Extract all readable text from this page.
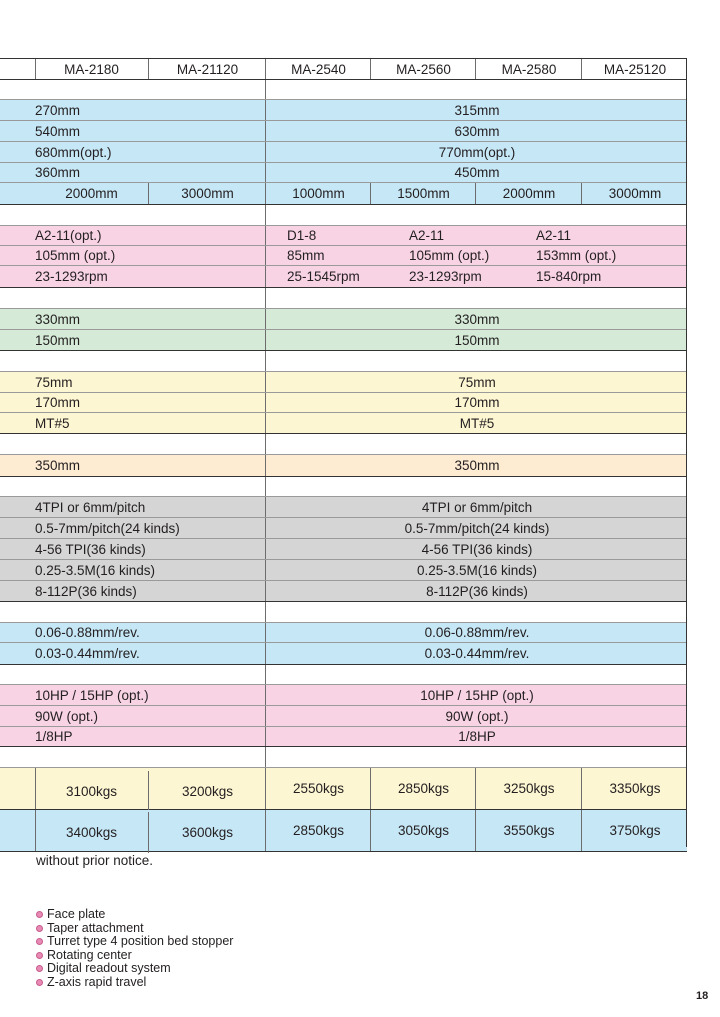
MA-2180	MA-21120	MA-2540	MA-2560	MA-2580	MA-25120
270mm	315mm
540mm	630mm
680mm(opt.)	770mm(opt.)
360mm	450mm
2000mm	3000mm	1000mm	1500mm	2000mm	3000mm
A2-11(opt.)	D1-8	A2-11	A2-11
105mm (opt.)	85mm	105mm (opt.)	153mm (opt.)
23-1293rpm	25-1545rpm	23-1293rpm	15-840rpm
330mm	330mm
150mm	150mm
75mm	75mm
170mm	170mm
MT#5	MT#5
350mm	350mm
4TPI or 6mm/pitch	4TPI or 6mm/pitch
0.5-7mm/pitch(24 kinds)	0.5-7mm/pitch(24 kinds)
4-56 TPI(36 kinds)	4-56 TPI(36 kinds)
0.25-3.5M(16 kinds)	0.25-3.5M(16 kinds)
8-112P(36 kinds)	8-112P(36 kinds)
0.06-0.88mm/rev.	0.06-0.88mm/rev.
0.03-0.44mm/rev.	0.03-0.44mm/rev.
10HP / 15HP (opt.)	10HP / 15HP (opt.)
90W (opt.)	90W (opt.)
1/8HP	1/8HP
3100kgs	3200kgs	2550kgs	2850kgs	3250kgs	3350kgs
3400kgs	3600kgs	2850kgs	3050kgs	3550kgs	3750kgs
without prior notice.
Face plate
Taper attachment
Turret type 4 position bed stopper
Rotating center
Digital readout system
Z-axis rapid travel
18
